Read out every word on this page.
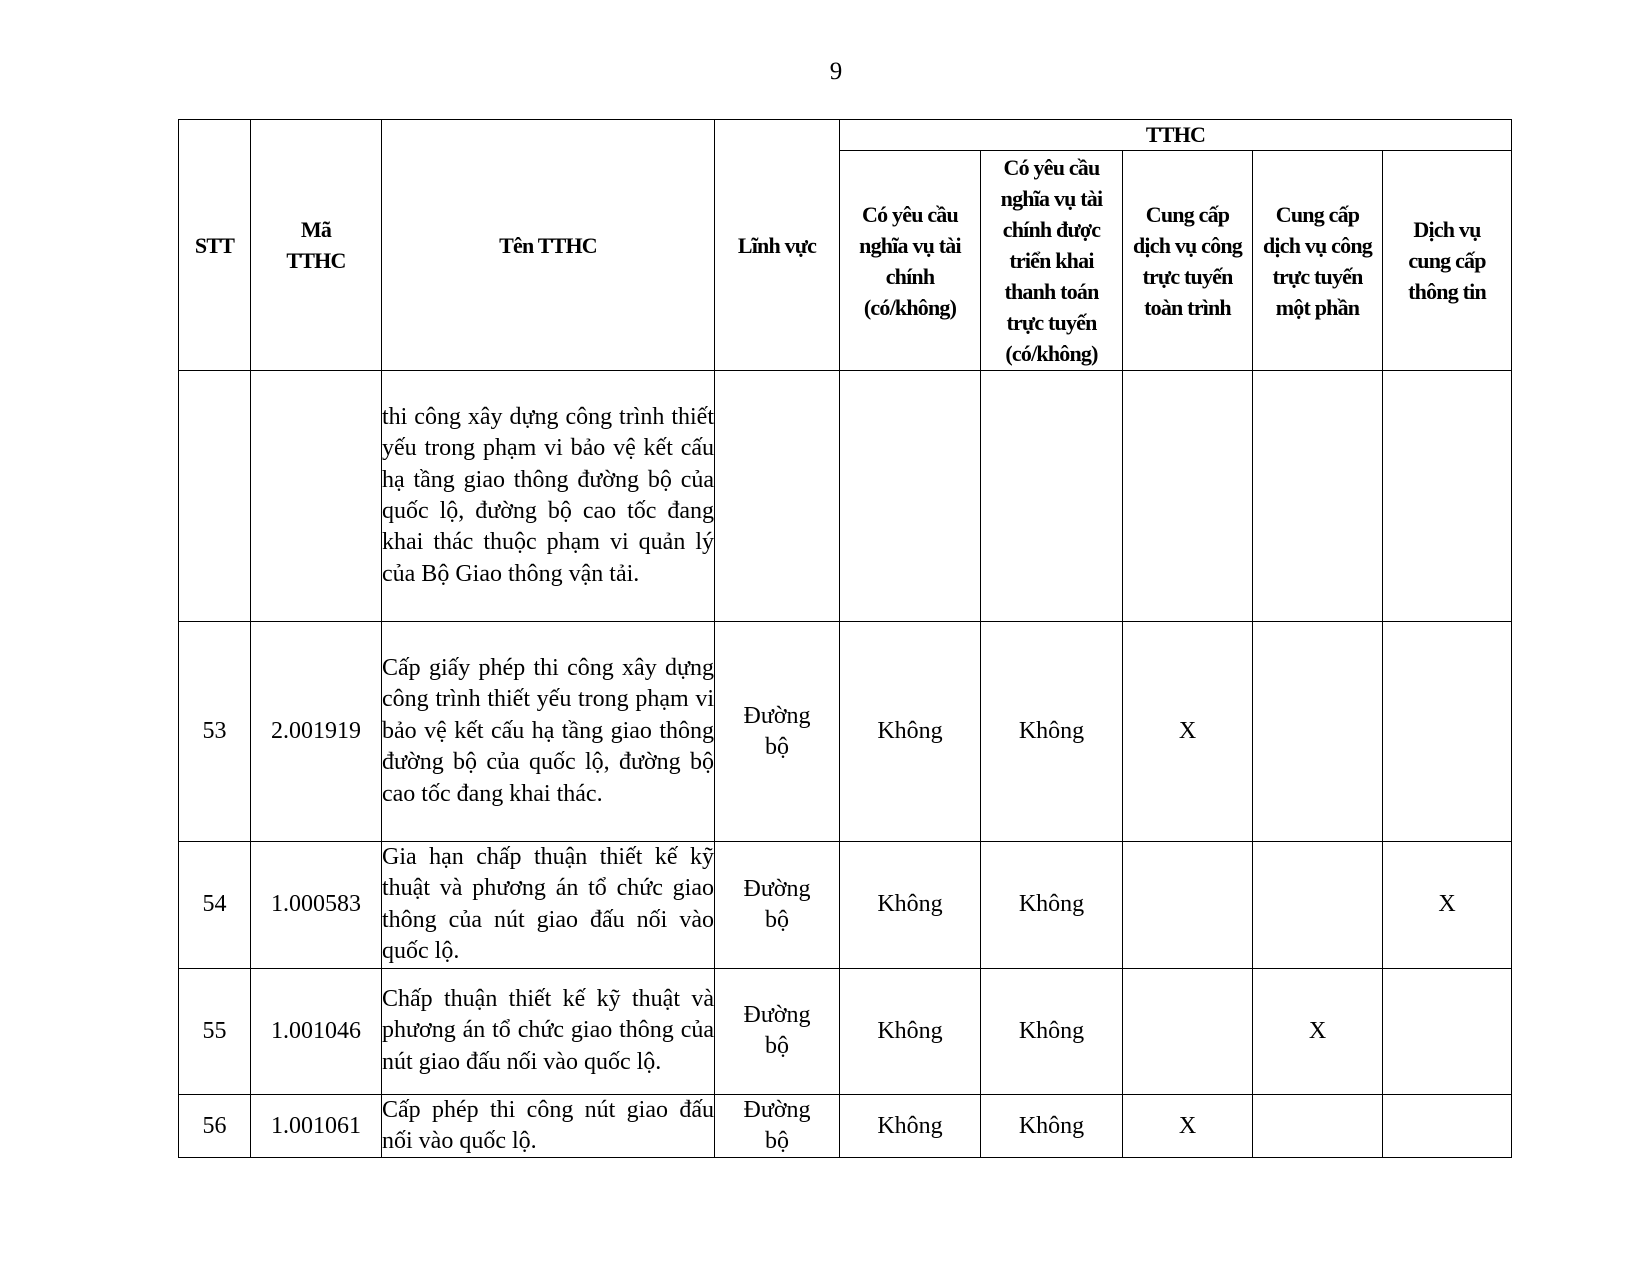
9
STT	Mã TTHC	Tên TTHC	Lĩnh vực	TTHC				
				Có yêu cầu nghĩa vụ tài chính (có/không)	Có yêu cầu nghĩa vụ tài chính được triển khai thanh toán trực tuyến (có/không)	Cung cấp dịch vụ công trực tuyến toàn trình	Cung cấp dịch vụ công trực tuyến một phần	Dịch vụ cung cấp thông tin
		thi công xây dựng công trình thiết yếu trong phạm vi bảo vệ kết cấu hạ tầng giao thông đường bộ của quốc lộ, đường bộ cao tốc đang khai thác thuộc phạm vi quản lý của Bộ Giao thông vận tải.						
53	2.001919	Cấp giấy phép thi công xây dựng công trình thiết yếu trong phạm vi bảo vệ kết cấu hạ tầng giao thông đường bộ của quốc lộ, đường bộ cao tốc đang khai thác.	Đường bộ	Không	Không	X		
54	1.000583	Gia hạn chấp thuận thiết kế kỹ thuật và phương án tổ chức giao thông của nút giao đấu nối vào quốc lộ.	Đường bộ	Không	Không			X
55	1.001046	Chấp thuận thiết kế kỹ thuật và phương án tổ chức giao thông của nút giao đấu nối vào quốc lộ.	Đường bộ	Không	Không		X	
56	1.001061	Cấp phép thi công nút giao đấu nối vào quốc lộ.	Đường bộ	Không	Không	X		
